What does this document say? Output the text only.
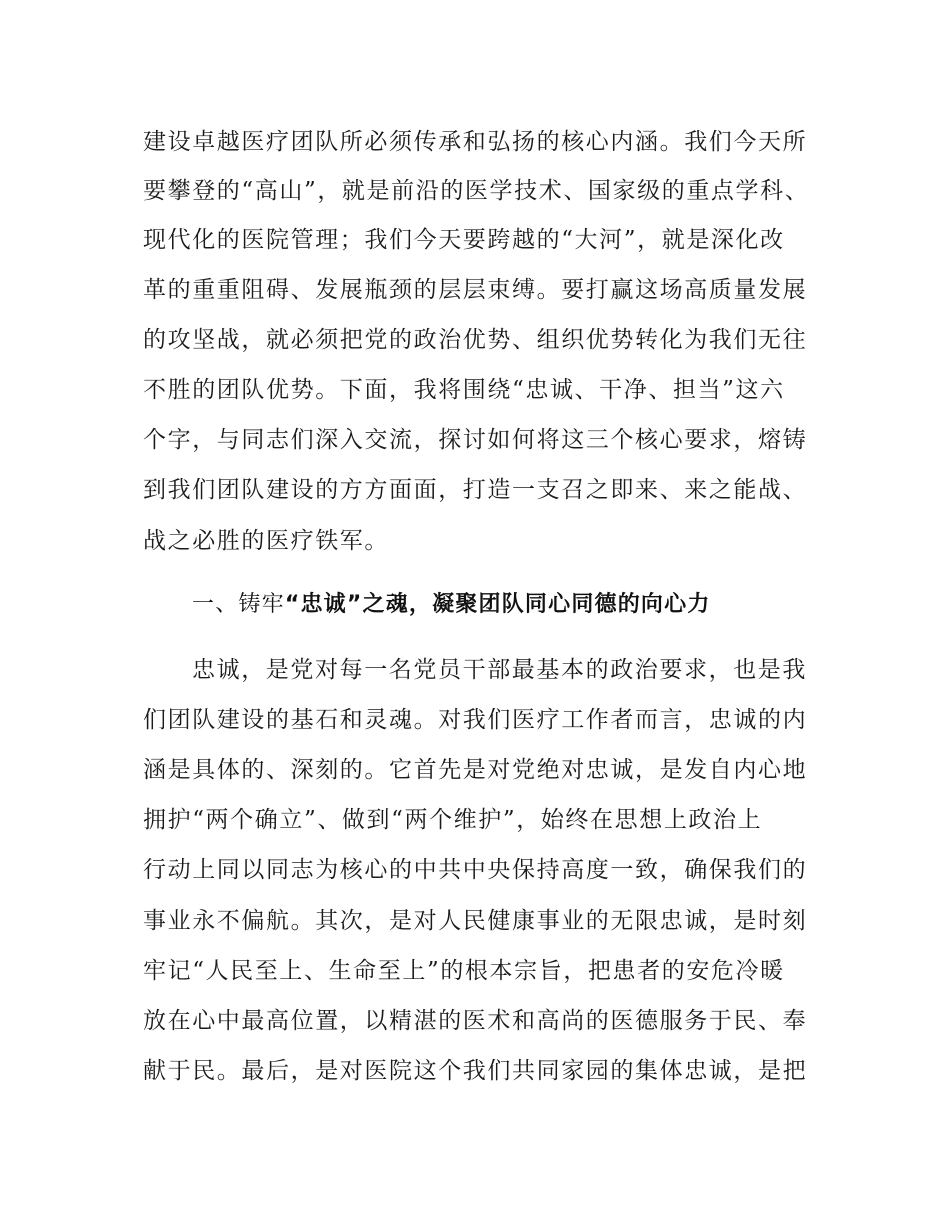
建设卓越医疗团队所必须传承和弘扬的核心内涵。我们今天所

要攀登的“高山”，就是前沿的医学技术、国家级的重点学科、

现代化的医院管理；我们今天要跨越的“大河”，就是深化改

革的重重阻碍、发展瓶颈的层层束缚。要打赢这场高质量发展

的攻坚战，就必须把党的政治优势、组织优势转化为我们无往

不胜的团队优势。下面，我将围绕“忠诚、干净、担当”这六

个字，与同志们深入交流，探讨如何将这三个核心要求，熔铸

到我们团队建设的方方面面，打造一支召之即来、来之能战、

战之必胜的医疗铁军。

一、铸牢“忠诚”之魂，凝聚团队同心同德的向心力

忠诚，是党对每一名党员干部最基本的政治要求，也是我

们团队建设的基石和灵魂。对我们医疗工作者而言，忠诚的内

涵是具体的、深刻的。它首先是对党绝对忠诚，是发自内心地

拥护“两个确立”、做到“两个维护”，始终在思想上政治上

行动上同以同志为核心的中共中央保持高度一致，确保我们的

事业永不偏航。其次，是对人民健康事业的无限忠诚，是时刻

牢记“人民至上、生命至上”的根本宗旨，把患者的安危冷暖

放在心中最高位置，以精湛的医术和高尚的医德服务于民、奉

献于民。最后，是对医院这个我们共同家园的集体忠诚，是把
